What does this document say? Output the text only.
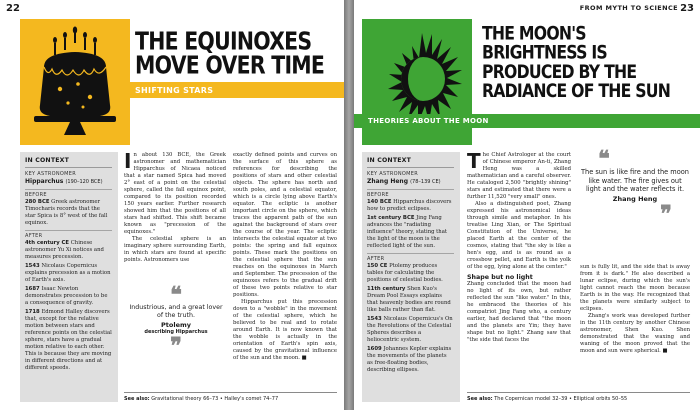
22
THE EQUINOXES
MOVE OVER TIME
SHIFTING STARS
IN CONTEXT
KEY ASTRONOMER
Hipparchus (190–120 BCE)
BEFORE
280 BCE Greek astronomer Timocharis records that the star Spica is 8° west of the fall equinox.
AFTER
4th century CE Chinese astronomer Yu Xi notices and measures precession.
1543 Nicolaus Copernicus explains precession as a motion of Earth's axis.
1687 Isaac Newton demonstrates precession to be a consequence of gravity.
1718 Edmond Halley discovers that, except for the relative motion between stars and reference points on the celestial sphere, stars have a gradual motion relative to each other. This is because they are moving in different directions and at different speeds.

In about 130 BCE, the Greek astronomer and mathematician Hipparchus of Nicaea noticed that a star named Spica had moved 2° east of a point on the celestial sphere, called the fall equinox point, compared to its position recorded 150 years earlier. Further research showed him that the positions of all stars had shifted. This shift became known as "precession of the equinoxes."

The celestial sphere is an imaginary sphere surrounding Earth, in which stars are found at specific points. Astronomers use

❝
Industrious, and a great lover of the truth.
Ptolemy
describing Hipparchus
❞

exactly defined points and curves on the surface of this sphere as references for describing the positions of stars and other celestial objects. The sphere has north and south poles, and a celestial equator, which is a circle lying above Earth's equator. The ecliptic is another important circle on the sphere, which traces the apparent path of the sun against the background of stars over the course of the year. The ecliptic intersects the celestial equator at two points: the spring and fall equinox points. These mark the positions on the celestial sphere that the sun reaches on the equinoxes in March and September. The precession of the equinoxes refers to the gradual drift of these two points relative to star positions.

Hipparchus put this precession down to a "wobble" in the movement of the celestial sphere, which he believed to be real and to rotate around Earth. It is now known that the wobble is actually in the orientation of Earth's spin axis, caused by the gravitational influence of the sun and the moon. ■

See also: Gravitational theory 66–73 • Halley's comet 74–77
FROM MYTH TO SCIENCE 23
THE MOON'S
BRIGHTNESS IS
PRODUCED BY THE
RADIANCE OF THE SUN
THEORIES ABOUT THE MOON
IN CONTEXT
KEY ASTRONOMER
Zhang Heng (78–139 CE)
BEFORE
140 BCE Hipparchus discovers how to predict eclipses.
1st century BCE Jing Fang advances the "radiating influence" theory, stating that the light of the moon is the reflected light of the sun.
AFTER
150 CE Ptolemy produces tables for calculating the positions of celestial bodies.
11th century Shen Kuo's Dream Pool Essays explains that heavenly bodies are round like balls rather than flat.
1543 Nicolaus Copernicus's On the Revolutions of the Celestial Spheres describes a heliocentric system.
1609 Johannes Kepler explains the movements of the planets as free-floating bodies, describing ellipses.

The Chief Astrologer at the court of Chinese emperor An-ti, Zhang Heng was a skilled mathematician and a careful observer. He cataloged 2,500 "brightly shining" stars and estimated that there were a further 11,520 "very small" ones.

Also a distinguished poet, Zhang expressed his astronomical ideas through simile and metaphor. In his treatise Ling Xian, or The Spiritual Constitution of the Universe, he placed Earth at the center of the cosmos, stating that "the sky is like a hen's egg, and is as round as a crossbow pellet, and Earth is the yolk of the egg, lying alone at the center."

Shape but no light

Zhang concluded that the moon had no light of its own, but rather reflected the sun "like water." In this, he embraced the theories of his compatriot Jing Fang who, a century earlier, had declared that "the moon and the planets are Yin; they have shape but no light." Zhang saw that "the side that faces the

❝
The sun is like fire and the moon like water. The fire gives out light and the water reflects it.
Zhang Heng
❞

sun is fully lit, and the side that is away from it is dark." He also described a lunar eclipse, during which the sun's light cannot reach the moon because Earth is in the way. He recognized that the planets were similarly subject to eclipses.

Zhang's work was developed further in the 11th century by another Chinese astronomer, Shen Kuo. Shen demonstrated that the waxing and waning of the moon proved that the moon and sun were spherical. ■

See also: The Copernican model 32–39 • Elliptical orbits 50–55
